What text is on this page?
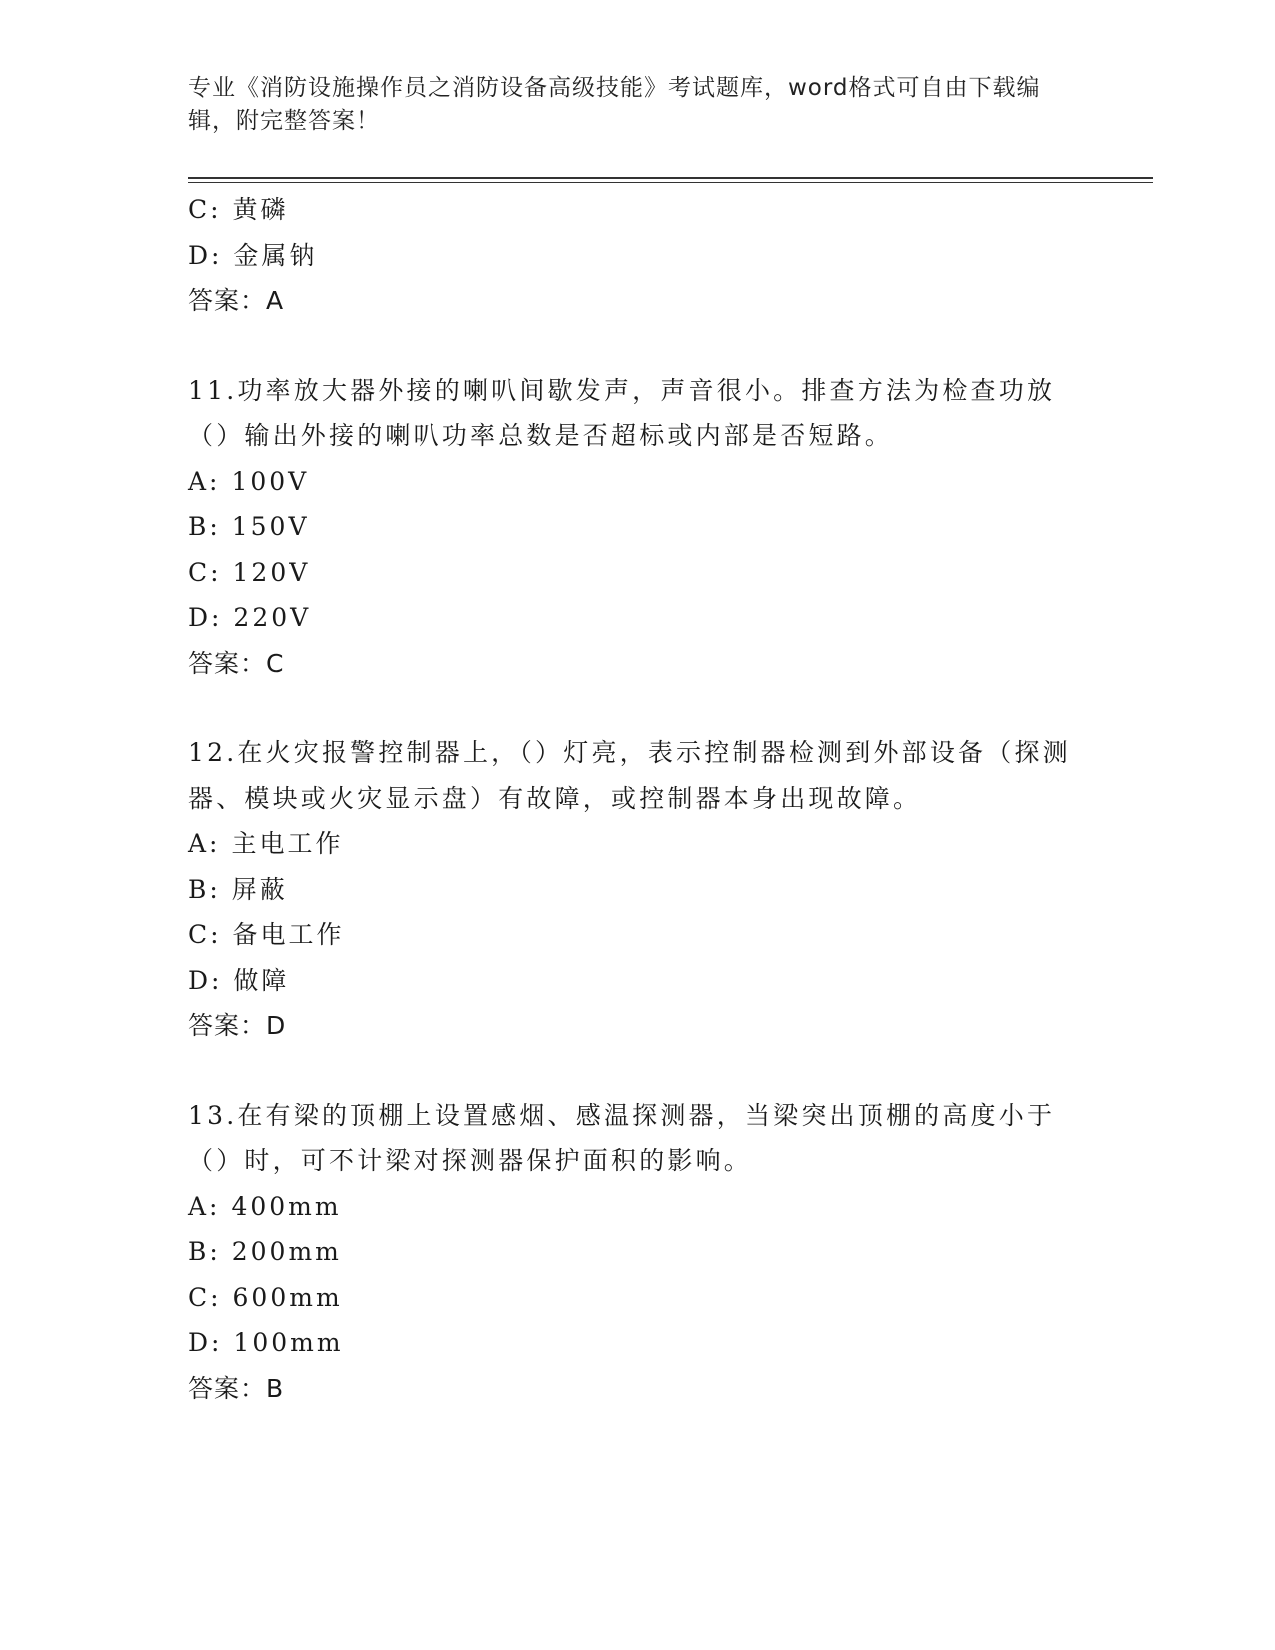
专业《消防设施操作员之消防设备高级技能》考试题库，word格式可自由下载编辑，附完整答案！
C: 黄磷
D: 金属钠
答案：A
11.功率放大器外接的喇叭间歇发声，声音很小。排查方法为检查功放（）输出外接的喇叭功率总数是否超标或内部是否短路。
A: 100V
B: 150V
C: 120V
D: 220V
答案：C
12.在火灾报警控制器上，（）灯亮，表示控制器检测到外部设备（探测器、模块或火灾显示盘）有故障，或控制器本身出现故障。
A: 主电工作
B: 屏蔽
C: 备电工作
D: 做障
答案：D
13.在有梁的顶棚上设置感烟、感温探测器，当梁突出顶棚的高度小于（）时，可不计梁对探测器保护面积的影响。
A: 400mm
B: 200mm
C: 600mm
D: 100mm
答案：B
